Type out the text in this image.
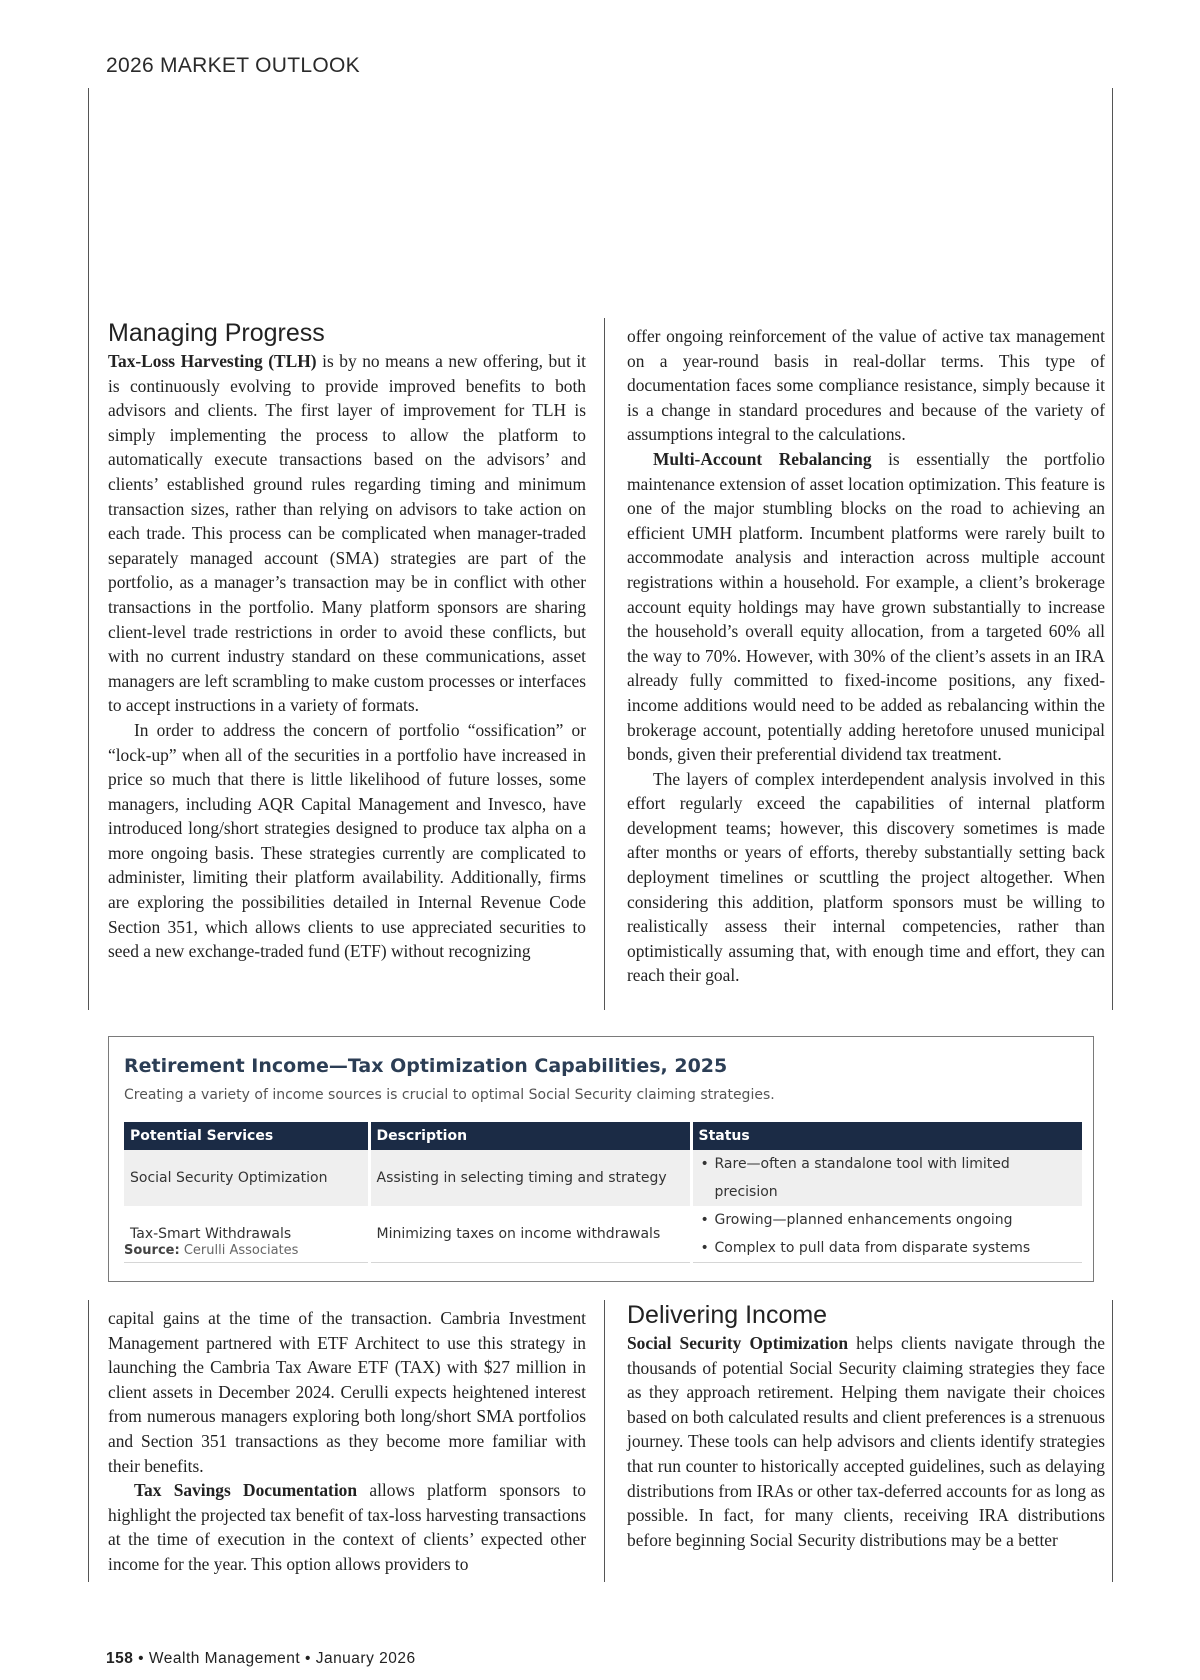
2026 MARKET OUTLOOK
Managing Progress

Tax-Loss Harvesting (TLH) is by no means a new offering, but it is continuously evolving to provide improved benefits to both advisors and clients. The first layer of improvement for TLH is simply implementing the process to allow the platform to automatically execute transactions based on the advisors’ and clients’ established ground rules regarding timing and minimum transaction sizes, rather than relying on advisors to take action on each trade. This process can be complicated when manager-traded separately managed account (SMA) strategies are part of the portfolio, as a manager’s transaction may be in conflict with other transactions in the portfolio. Many platform sponsors are sharing client-level trade restrictions in order to avoid these conflicts, but with no current industry standard on these communications, asset managers are left scrambling to make custom processes or interfaces to accept instructions in a variety of formats.

In order to address the concern of portfolio “ossification” or “lock-up” when all of the securities in a portfolio have increased in price so much that there is little likelihood of future losses, some managers, including AQR Capital Management and Invesco, have introduced long/short strategies designed to produce tax alpha on a more ongoing basis. These strategies currently are complicated to administer, limiting their platform availability. Additionally, firms are exploring the possibilities detailed in Internal Revenue Code Section 351, which allows clients to use appreciated securities to seed a new exchange-traded fund (ETF) without recognizing

offer ongoing reinforcement of the value of active tax management on a year-round basis in real-dollar terms. This type of documentation faces some compliance resistance, simply because it is a change in standard procedures and because of the variety of assumptions integral to the calculations.

Multi-Account Rebalancing is essentially the portfolio maintenance extension of asset location optimization. This feature is one of the major stumbling blocks on the road to achieving an efficient UMH platform. Incumbent platforms were rarely built to accommodate analysis and interaction across multiple account registrations within a household. For example, a client’s brokerage account equity holdings may have grown substantially to increase the household’s overall equity allocation, from a targeted 60% all the way to 70%. However, with 30% of the client’s assets in an IRA already fully committed to fixed-income positions, any fixed-income additions would need to be added as rebalancing within the brokerage account, potentially adding heretofore unused municipal bonds, given their preferential dividend tax treatment.

The layers of complex interdependent analysis involved in this effort regularly exceed the capabilities of internal platform development teams; however, this discovery sometimes is made after months or years of efforts, thereby substantially setting back deployment timelines or scuttling the project altogether. When considering this addition, platform sponsors must be willing to realistically assess their internal competencies, rather than optimistically assuming that, with enough time and effort, they can reach their goal.

Retirement Income—Tax Optimization Capabilities, 2025
Creating a variety of income sources is crucial to optimal Social Security claiming strategies.
Potential Services	Description	Status
Social Security Optimization	Assisting in selecting timing and strategy	• Rare—often a standalone tool with limited precision

Tax-Smart Withdrawals	Minimizing taxes on income withdrawals	• Growing—planned enhancements ongoing
• Complex to pull data from disparate systems
Source: Cerulli Associates

capital gains at the time of the transaction. Cambria Investment Management partnered with ETF Architect to use this strategy in launching the Cambria Tax Aware ETF (TAX) with $27 million in client assets in December 2024. Cerulli expects heightened interest from numerous managers exploring both long/short SMA portfolios and Section 351 transactions as they become more familiar with their benefits.

Tax Savings Documentation allows platform sponsors to highlight the projected tax benefit of tax-loss harvesting transactions at the time of execution in the context of clients’ expected other income for the year. This option allows providers to

Delivering Income

Social Security Optimization helps clients navigate through the thousands of potential Social Security claiming strategies they face as they approach retirement. Helping them navigate their choices based on both calculated results and client preferences is a strenuous journey. These tools can help advisors and clients identify strategies that run counter to historically accepted guidelines, such as delaying distributions from IRAs or other tax-deferred accounts for as long as possible. In fact, for many clients, receiving IRA distributions before beginning Social Security distributions may be a better

158 • Wealth Management • January 2026
